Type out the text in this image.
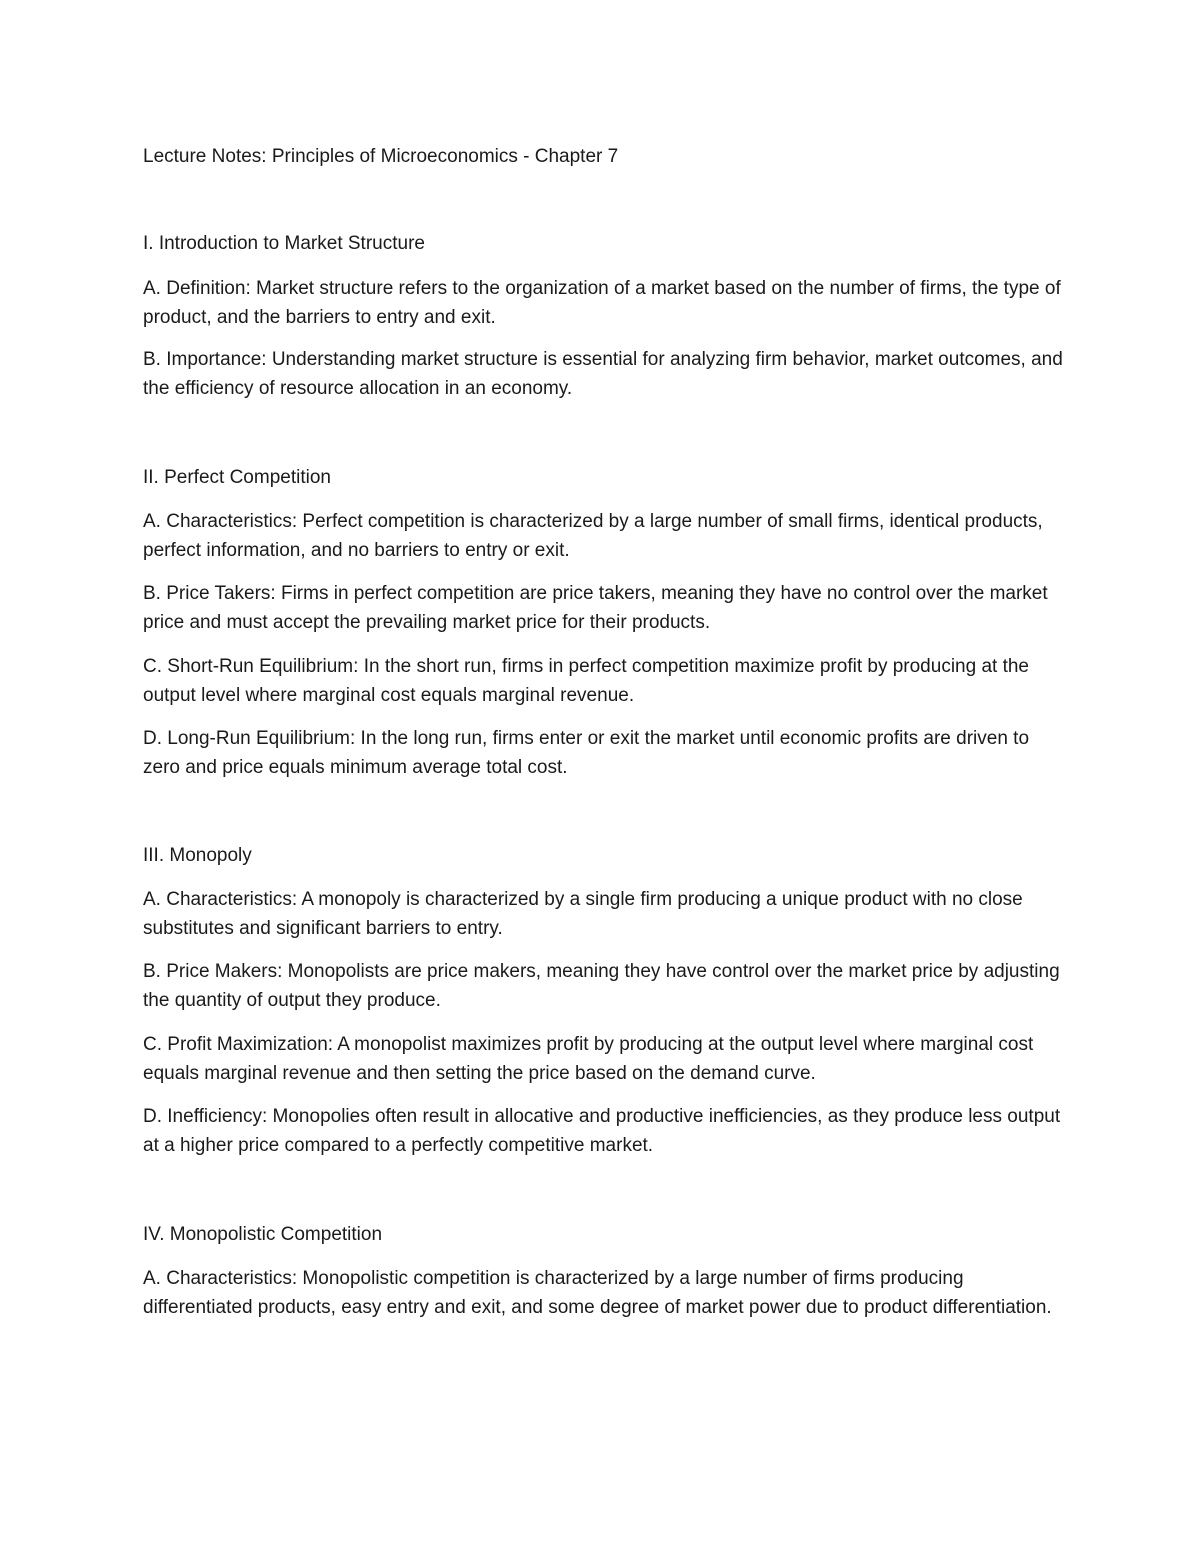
Lecture Notes: Principles of Microeconomics - Chapter 7

I. Introduction to Market Structure

A. Definition: Market structure refers to the organization of a market based on the number of firms, the type of product, and the barriers to entry and exit.

B. Importance: Understanding market structure is essential for analyzing firm behavior, market outcomes, and the efficiency of resource allocation in an economy.

II. Perfect Competition

A. Characteristics: Perfect competition is characterized by a large number of small firms, identical products, perfect information, and no barriers to entry or exit.

B. Price Takers: Firms in perfect competition are price takers, meaning they have no control over the market price and must accept the prevailing market price for their products.

C. Short-Run Equilibrium: In the short run, firms in perfect competition maximize profit by producing at the output level where marginal cost equals marginal revenue.

D. Long-Run Equilibrium: In the long run, firms enter or exit the market until economic profits are driven to zero and price equals minimum average total cost.

III. Monopoly

A. Characteristics: A monopoly is characterized by a single firm producing a unique product with no close substitutes and significant barriers to entry.

B. Price Makers: Monopolists are price makers, meaning they have control over the market price by adjusting the quantity of output they produce.

C. Profit Maximization: A monopolist maximizes profit by producing at the output level where marginal cost equals marginal revenue and then setting the price based on the demand curve.

D. Inefficiency: Monopolies often result in allocative and productive inefficiencies, as they produce less output at a higher price compared to a perfectly competitive market.

IV. Monopolistic Competition

A. Characteristics: Monopolistic competition is characterized by a large number of firms producing differentiated products, easy entry and exit, and some degree of market power due to product differentiation.
